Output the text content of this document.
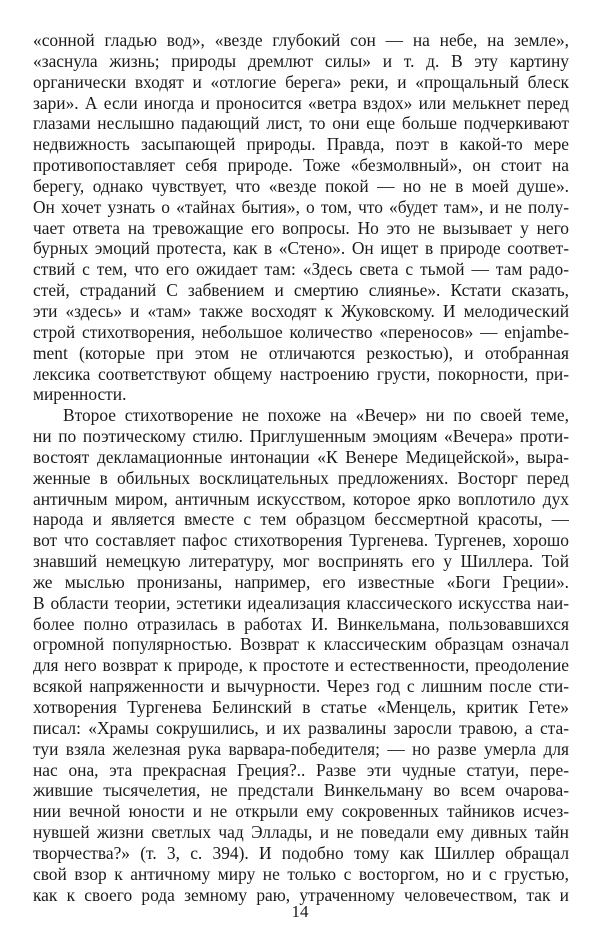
«сонной гладью вод», «везде глубокий сон — на небе, на земле»,
«заснула жизнь; природы дремлют силы» и т. д. В эту картину
органически входят и «отлогие берега» реки, и «прощальный блеск
зари». А если иногда и проносится «ветра вздох» или мелькнет перед
глазами неслышно падающий лист, то они еще больше подчеркивают
недвижность засыпающей природы. Правда, поэт в какой-то мере
противопоставляет себя природе. Тоже «безмолвный», он стоит на
берегу, однако чувствует, что «везде покой — но не в моей душе».
Он хочет узнать о «тайнах бытия», о том, что «будет там», и не полу-
чает ответа на тревожащие его вопросы. Но это не вызывает у него
бурных эмоций протеста, как в «Стено». Он ищет в природе соответ-
ствий с тем, что его ожидает там: «Здесь света с тьмой — там радо-
стей, страданий С забвением и смертию слиянье». Кстати сказать,
эти «здесь» и «там» также восходят к Жуковскому. И мелодический
строй стихотворения, небольшое количество «переносов» — enjambe-
ment (которые при этом не отличаются резкостью), и отобранная
лексика соответствуют общему настроению грусти, покорности, при-
миренности.
Второе стихотворение не похоже на «Вечер» ни по своей теме,
ни по поэтическому стилю. Приглушенным эмоциям «Вечера» проти-
востоят декламационные интонации «К Венере Медицейской», выра-
женные в обильных восклицательных предложениях. Восторг перед
античным миром, античным искусством, которое ярко воплотило дух
народа и является вместе с тем образцом бессмертной красоты, —
вот что составляет пафос стихотворения Тургенева. Тургенев, хорошо
знавший немецкую литературу, мог воспринять его у Шиллера. Той
же мыслью пронизаны, например, его известные «Боги Греции».
В области теории, эстетики идеализация классического искусства наи-
более полно отразилась в работах И. Винкельмана, пользовавшихся
огромной популярностью. Возврат к классическим образцам означал
для него возврат к природе, к простоте и естественности, преодоление
всякой напряженности и вычурности. Через год с лишним после сти-
хотворения Тургенева Белинский в статье «Менцель, критик Гете»
писал: «Храмы сокрушились, и их развалины заросли травою, а ста-
туи взяла железная рука варвара-победителя; — но разве умерла для
нас она, эта прекрасная Греция?.. Разве эти чудные статуи, пере-
жившие тысячелетия, не предстали Винкельману во всем очарова-
нии вечной юности и не открыли ему сокровенных тайников исчез-
нувшей жизни светлых чад Эллады, и не поведали ему дивных тайн
творчества?» (т. 3, с. 394). И подобно тому как Шиллер обращал
свой взор к античному миру не только с восторгом, но и с грустью,
как к своего рода земному раю, утраченному человечеством, так и
14
